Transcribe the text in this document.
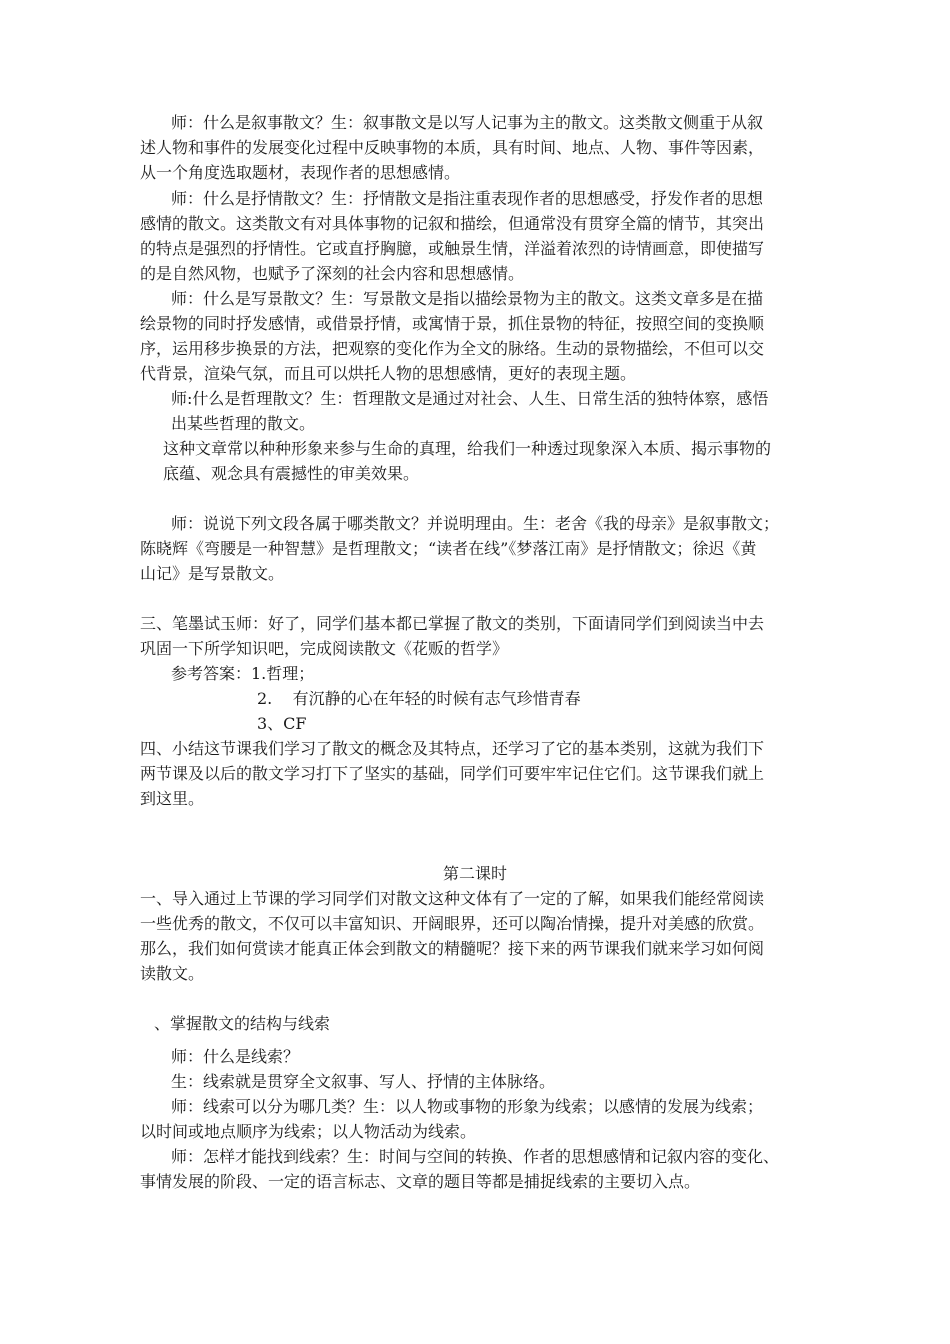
师：什么是叙事散文？生：叙事散文是以写人记事为主的散文。这类散文侧重于从叙
述人物和事件的发展变化过程中反映事物的本质，具有时间、地点、人物、事件等因素，
从一个角度选取题材，表现作者的思想感情。
师：什么是抒情散文？生：抒情散文是指注重表现作者的思想感受，抒发作者的思想
感情的散文。这类散文有对具体事物的记叙和描绘，但通常没有贯穿全篇的情节，其突出
的特点是强烈的抒情性。它或直抒胸臆，或触景生情，洋溢着浓烈的诗情画意，即使描写
的是自然风物，也赋予了深刻的社会内容和思想感情。
师：什么是写景散文？生：写景散文是指以描绘景物为主的散文。这类文章多是在描
绘景物的同时抒发感情，或借景抒情，或寓情于景，抓住景物的特征，按照空间的变换顺
序，运用移步换景的方法，把观察的变化作为全文的脉络。生动的景物描绘，不但可以交
代背景，渲染气氛，而且可以烘托人物的思想感情，更好的表现主题。
师:什么是哲理散文？生：哲理散文是通过对社会、人生、日常生活的独特体察，感悟
出某些哲理的散文。
这种文章常以种种形象来参与生命的真理，给我们一种透过现象深入本质、揭示事物的
底蕴、观念具有震撼性的审美效果。
师：说说下列文段各属于哪类散文？并说明理由。生：老舍《我的母亲》是叙事散文；
陈晓辉《弯腰是一种智慧》是哲理散文；“读者在线”《梦落江南》是抒情散文；徐迟《黄
山记》是写景散文。
三、笔墨试玉师：好了，同学们基本都已掌握了散文的类别，下面请同学们到阅读当中去
巩固一下所学知识吧，完成阅读散文《花贩的哲学》
参考答案：1.哲理；
2.    有沉静的心在年轻的时候有志气珍惜青春
3、CF
四、小结这节课我们学习了散文的概念及其特点，还学习了它的基本类别，这就为我们下
两节课及以后的散文学习打下了坚实的基础，同学们可要牢牢记住它们。这节课我们就上
到这里。
第二课时
一、导入通过上节课的学习同学们对散文这种文体有了一定的了解，如果我们能经常阅读
一些优秀的散文，不仅可以丰富知识、开阔眼界，还可以陶冶情操，提升对美感的欣赏。
那么，我们如何赏读才能真正体会到散文的精髓呢？接下来的两节课我们就来学习如何阅
读散文。
、掌握散文的结构与线索
师：什么是线索？
生：线索就是贯穿全文叙事、写人、抒情的主体脉络。
师：线索可以分为哪几类？生：以人物或事物的形象为线索；以感情的发展为线索；
以时间或地点顺序为线索；以人物活动为线索。
师：怎样才能找到线索？生：时间与空间的转换、作者的思想感情和记叙内容的变化、
事情发展的阶段、一定的语言标志、文章的题目等都是捕捉线索的主要切入点。
